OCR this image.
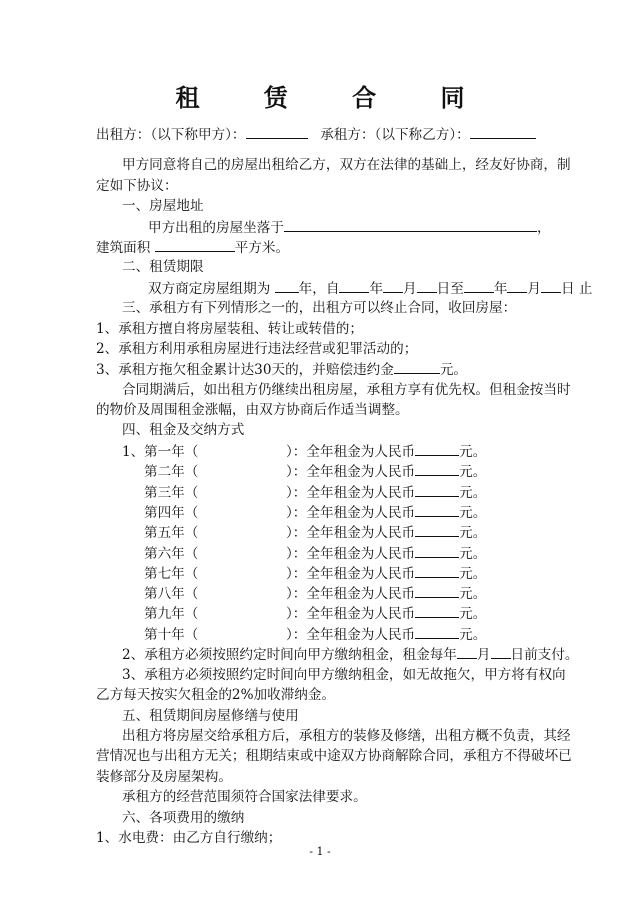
租 赁 合 同
出租方：（以下称甲方）：	承租方：（以下称乙方）：
甲方同意将自己的房屋出租给乙方，双方在法律的基础上，经友好协商，制
定如下协议：
一、房屋地址
甲方出租的房屋坐落于	，
建筑面积	平方米。
二、租赁期限
双方商定房屋组期为 年，自 年 月 日至 年 月 日 止
三、承租方有下列情形之一的，出租方可以终止合同，收回房屋：
1、承租方擅自将房屋装租、转让或转借的；
2、承租方利用承租房屋进行违法经营或犯罪活动的；
3、承租方拖欠租金累计达30天的，并赔偿违约金	元。
合同期满后，如出租方仍继续出租房屋，承租方享有优先权。但租金按当时
的物价及周围租金涨幅，由双方协商后作适当调整。
四、租金及交纳方式
1、第一年（	）：全年租金为人民币	元。
第二年（	）：全年租金为人民币	元。
第三年（	）：全年租金为人民币	元。
第四年（	）：全年租金为人民币	元。
第五年（	）：全年租金为人民币	元。
第六年（	）：全年租金为人民币	元。
第七年（	）：全年租金为人民币	元。
第八年（	）：全年租金为人民币	元。
第九年（	）：全年租金为人民币	元。
第十年（	）：全年租金为人民币	元。
2、承租方必须按照约定时间向甲方缴纳租金，租金每年 月 日前支付。
3、承租方必须按照约定时间向甲方缴纳租金，如无故拖欠，甲方将有权向
乙方每天按实欠租金的2%加收滞纳金。
五、租赁期间房屋修缮与使用
出租方将房屋交给承租方后，承租方的装修及修缮，出租方概不负责，其经
营情况也与出租方无关；租期结束或中途双方协商解除合同，承租方不得破坏已
装修部分及房屋架构。
承租方的经营范围须符合国家法律要求。
六、各项费用的缴纳
1、水电费：由乙方自行缴纳；
- 1 -
